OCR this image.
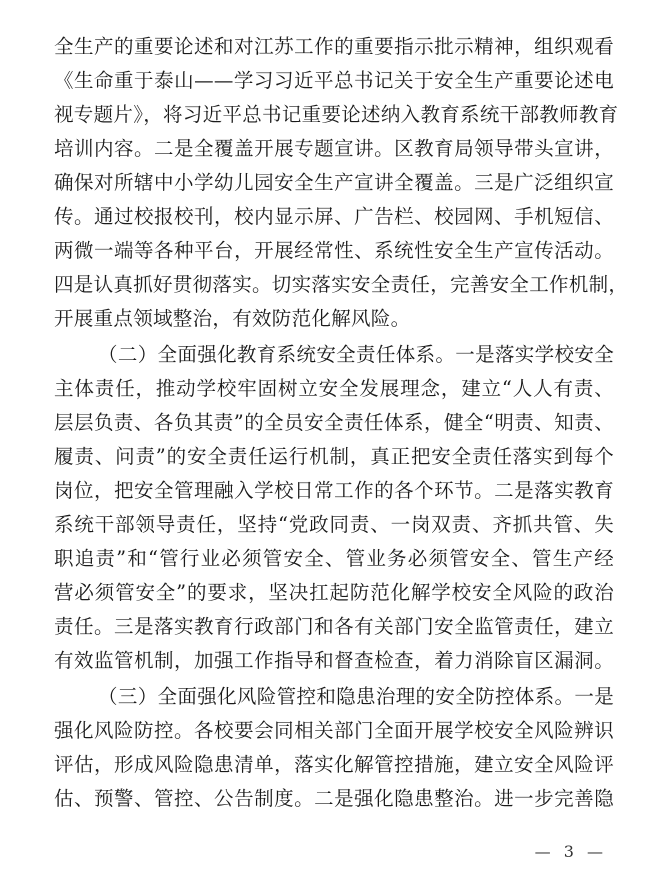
全生产的重要论述和对江苏工作的重要指示批示精神，组织观看
《生命重于泰山——学习习近平总书记关于安全生产重要论述电
视专题片》，将习近平总书记重要论述纳入教育系统干部教师教育
培训内容。二是全覆盖开展专题宣讲。区教育局领导带头宣讲，
确保对所辖中小学幼儿园安全生产宣讲全覆盖。三是广泛组织宣
传。通过校报校刊，校内显示屏、广告栏、校园网、手机短信、
两微一端等各种平台，开展经常性、系统性安全生产宣传活动。
四是认真抓好贯彻落实。切实落实安全责任，完善安全工作机制，
开展重点领域整治，有效防范化解风险。
（二）全面强化教育系统安全责任体系。一是落实学校安全
主体责任，推动学校牢固树立安全发展理念，建立“人人有责、
层层负责、各负其责”的全员安全责任体系，健全“明责、知责、
履责、问责”的安全责任运行机制，真正把安全责任落实到每个
岗位，把安全管理融入学校日常工作的各个环节。二是落实教育
系统干部领导责任，坚持“党政同责、一岗双责、齐抓共管、失
职追责”和“管行业必须管安全、管业务必须管安全、管生产经
营必须管安全”的要求，坚决扛起防范化解学校安全风险的政治
责任。三是落实教育行政部门和各有关部门安全监管责任，建立
有效监管机制，加强工作指导和督查检查，着力消除盲区漏洞。
（三）全面强化风险管控和隐患治理的安全防控体系。一是
强化风险防控。各校要会同相关部门全面开展学校安全风险辨识
评估，形成风险隐患清单，落实化解管控措施，建立安全风险评
估、预警、管控、公告制度。二是强化隐患整治。进一步完善隐
— 3 —
